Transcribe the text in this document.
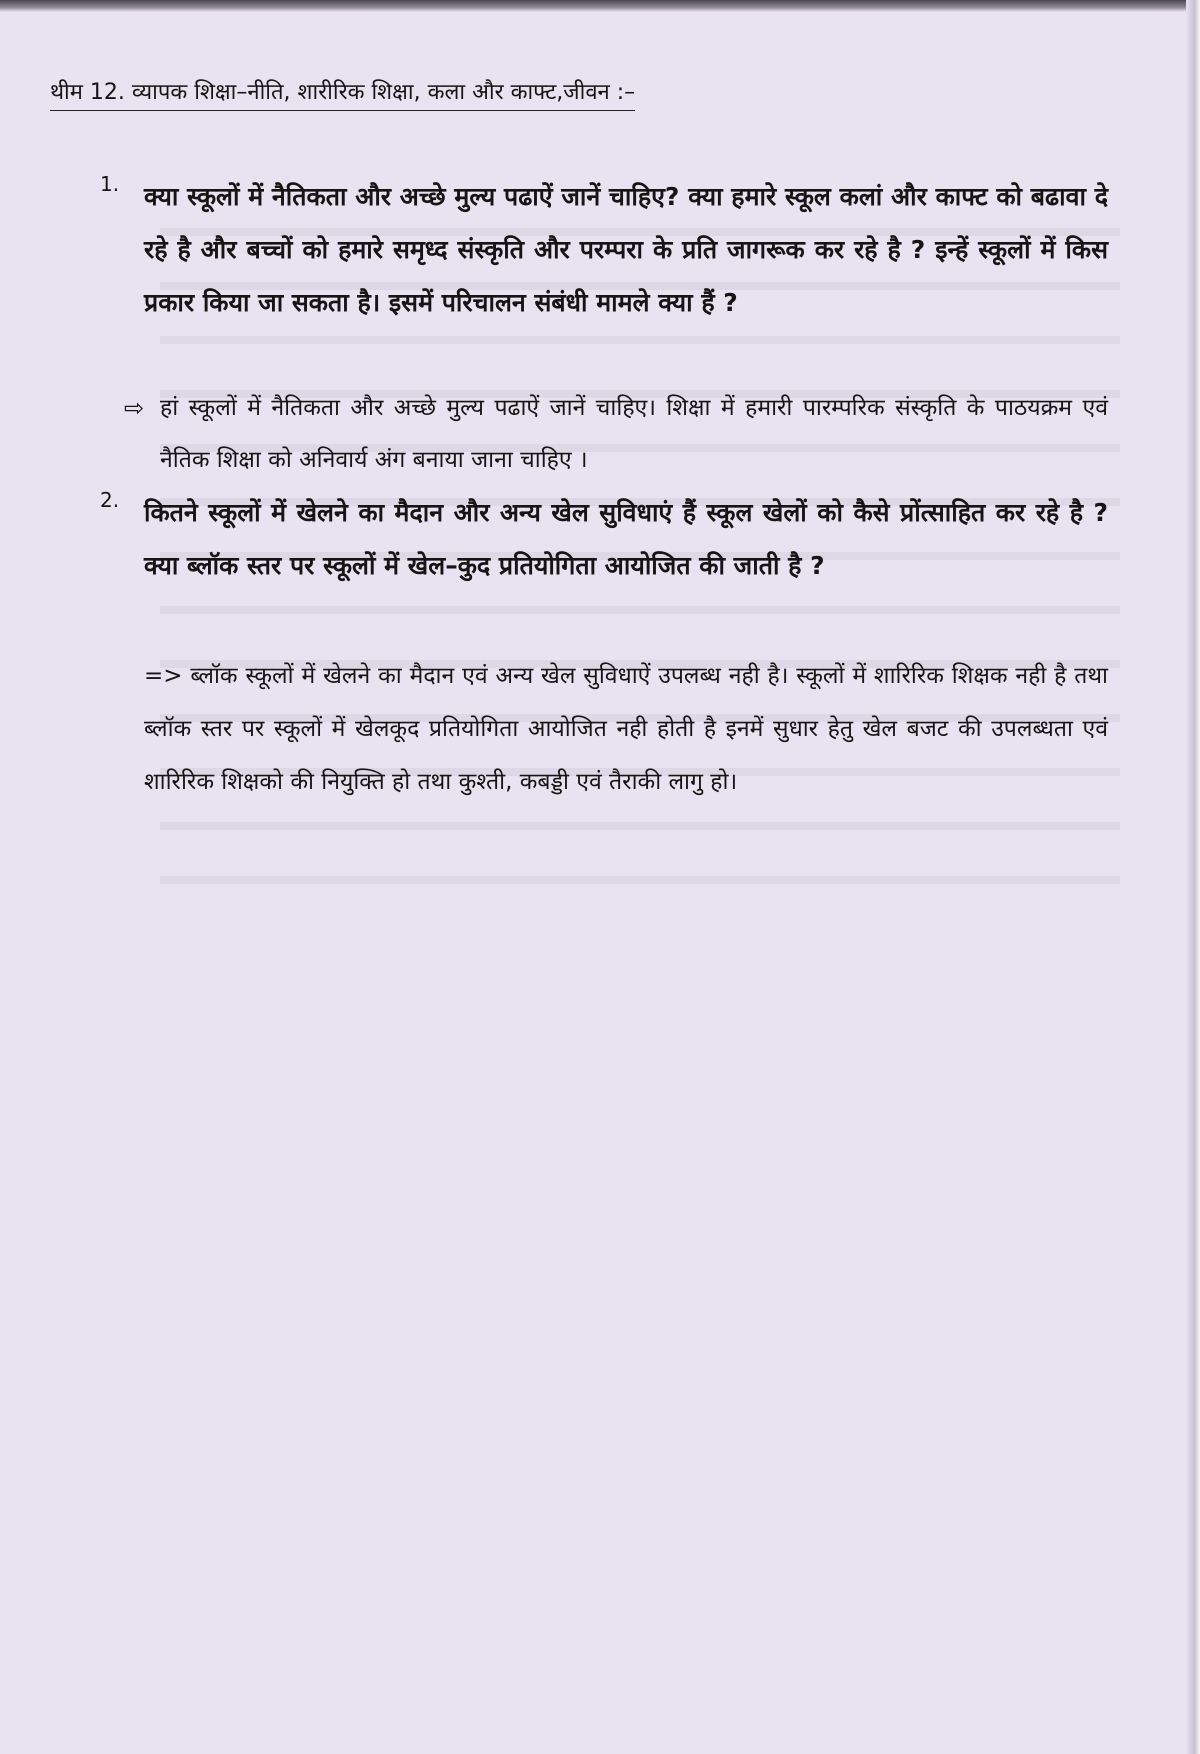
थीम 12. व्यापक शिक्षा–नीति, शारीरिक शिक्षा, कला और काफ्ट,जीवन :–
1. क्या स्कूलों में नैतिकता और अच्छे मुल्य पढाऐं जानें चाहिए? क्या हमारे स्कूल कलां और काफ्ट को बढावा दे रहे है और बच्चों को हमारे समृध्द संस्कृति और परम्परा के प्रति जागरूक कर रहे है ? इन्हें स्कूलों में किस प्रकार किया जा सकता है। इसमें परिचालन संबंधी मामले क्या हैं ?
⇨ हां स्कूलों में नैतिकता और अच्छे मुल्य पढाऐं जानें चाहिए। शिक्षा में हमारी पारम्परिक संस्कृति के पाठयक्रम एवं नैतिक शिक्षा को अनिवार्य अंग बनाया जाना चाहिए ।
2. कितने स्कूलों में खेलने का मैदान और अन्य खेल सुविधाएं हैं स्कूल खेलों को कैसे प्रोंत्साहित कर रहे है ? क्या ब्लॉक स्तर पर स्कूलों में खेल–कुद प्रतियोगिता आयोजित की जाती है ?
=> ब्लॉक स्कूलों में खेलने का मैदान एवं अन्य खेल सुविधाऐं उपलब्ध नही है। स्कूलों में शारिरिक शिक्षक नही है तथा ब्लॉक स्तर पर स्कूलों में खेलकूद प्रतियोगिता आयोजित नही होती है इनमें सुधार हेतु खेल बजट की उपलब्धता एवं शारिरिक शिक्षको की नियुक्ति हो तथा कुश्ती, कबड्डी एवं तैराकी लागु हो।
